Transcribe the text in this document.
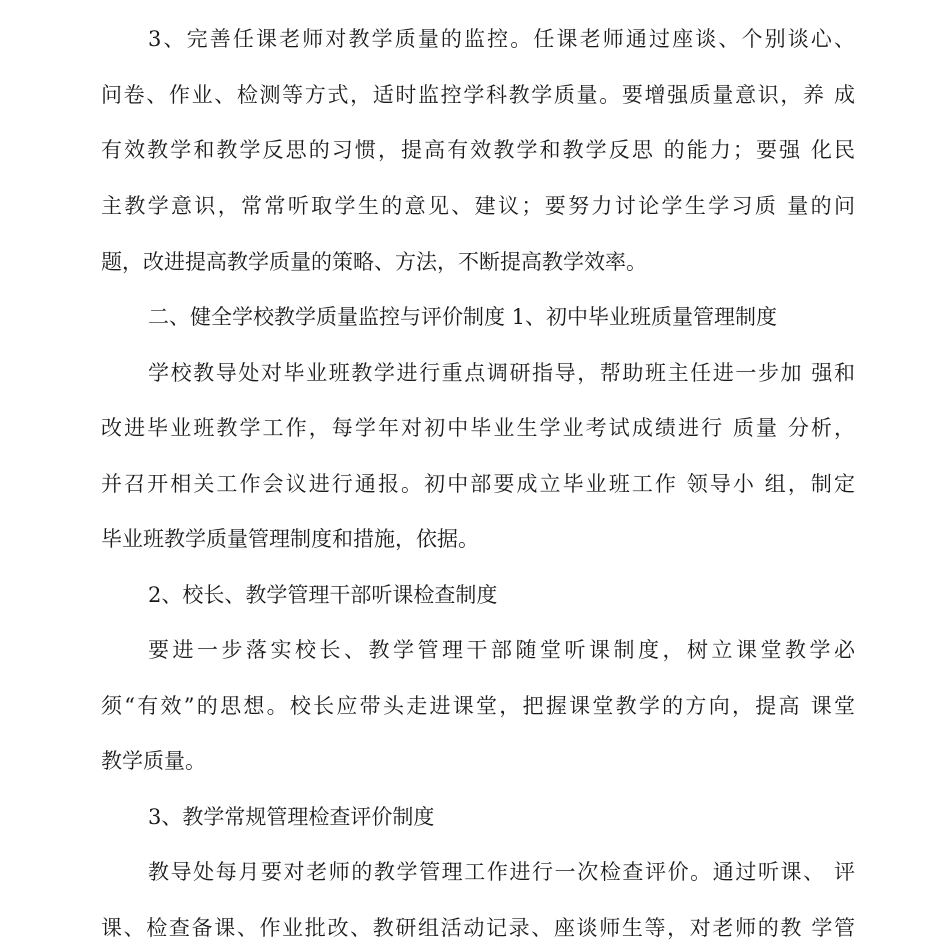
3、完善任课老师对教学质量的监控。任课老师通过座谈、个别谈心、
问卷、作业、检测等方式，适时监控学科教学质量。要增强质量意识，养 成
有效教学和教学反思的习惯，提高有效教学和教学反思 的能力；要强 化民
主教学意识，常常听取学生的意见、建议；要努力讨论学生学习质 量的问
题，改进提高教学质量的策略、方法，不断提高教学效率。
二、健全学校教学质量监控与评价制度 1、初中毕业班质量管理制度
学校教导处对毕业班教学进行重点调研指导，帮助班主任进一步加 强和
改进毕业班教学工作，每学年对初中毕业生学业考试成绩进行 质量 分析，
并召开相关工作会议进行通报。初中部要成立毕业班工作 领导小 组，制定
毕业班教学质量管理制度和措施，依据。
2、校长、教学管理干部听课检查制度
要进一步落实校长、教学管理干部随堂听课制度，树立课堂教学必
须“有效”的思想。校长应带头走进课堂，把握课堂教学的方向，提高 课堂
教学质量。
3、教学常规管理检查评价制度
教导处每月要对老师的教学管理工作进行一次检查评价。通过听课、 评
课、检查备课、作业批改、教研组活动记录、座谈师生等，对老师的教 学管
